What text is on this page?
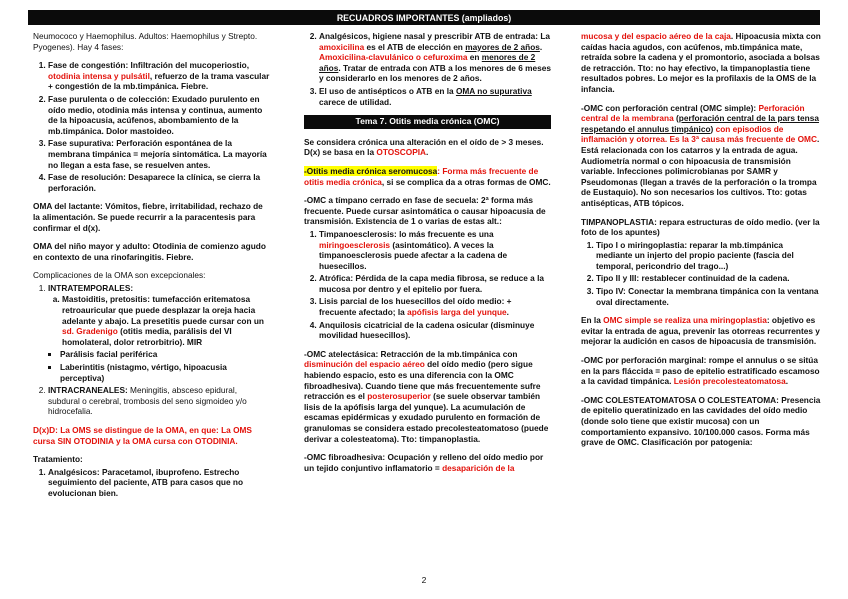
RECUADROS IMPORTANTES (ampliados)

Neumococo y Haemophilus. Adultos: Haemophilus y Strepto. Pyogenes). Hay 4 fases:

1. Fase de congestión: Infiltración del mucoperiostio, otodinia intensa y pulsátil, refuerzo de la trama vascular + congestión de la mb.timpánica. Fiebre.
2. Fase purulenta o de colección: Exudado purulento en oído medio, otodinia más intensa y continua, aumento de la hipoacusia, acúfenos, abombamiento de la mb.timpánica. Dolor mastoideo.
3. Fase supurativa: Perforación espontánea de la membrana timpánica = mejoría sintomática. La mayoría no llegan a esta fase, se resuelven antes.
4. Fase de resolución: Desaparece la clínica, se cierra la perforación.

OMA del lactante: Vómitos, fiebre, irritabilidad, rechazo de la alimentación. Se puede recurrir a la paracentesis para confirmar el d(x).

OMA del niño mayor y adulto: Otodinia de comienzo agudo en contexto de una rinofaringitis. Fiebre.

Complicaciones de la OMA son excepcionales:
1. INTRATEMPORALES:
a. Mastoiditis, pretositis: tumefacción eritematosa retroauricular que puede desplazar la oreja hacia adelante y abajo. La presetitis puede cursar con un sd. Gradenigo (otitis media, parálisis del VI homolateral, dolor retrorbitrio). MIR
▪ Parálisis facial periférica
▪ Laberintitis (nistagmo, vértigo, hipoacusia perceptiva)
2. INTRACRANEALES: Meningitis, absceso epidural, subdural o cerebral, trombosis del seno sigmoideo y/o hidrocefalia.

D(x)D: La OMS se distingue de la OMA, en que: La OMS cursa SIN OTODINIA y la OMA cursa con OTODINIA.

Tratamiento:
1. Analgésicos: Paracetamol, ibuprofeno. Estrecho seguimiento del paciente, ATB para casos que no evolucionan bien.
2. Analgésicos, higiene nasal y prescribir ATB de entrada: La amoxicilina es el ATB de elección en mayores de 2 años. Amoxicilina-clavulánico o cefuroxima en menores de 2 años. Tratar de entrada con ATB a los menores de 6 meses y considerarlo en los menores de 2 años.
3. El uso de antisépticos o ATB en la OMA no supurativa carece de utilidad.
Tema 7. Otitis media crónica (OMC)

Se considera crónica una alteración en el oído de > 3 meses. D(x) se basa en la OTOSCOPIA.

-Otitis media crónica seromucosa: Forma más frecuente de otitis media crónica, si se complica da a otras formas de OMC.

-OMC a tímpano cerrado en fase de secuela: 2ª forma más frecuente. Puede cursar asintomática o causar hipoacusia de transmisión. Existencia de 1 o varias de estas alt.:
1. Timpanoesclerosis: lo más frecuente es una miringoesclerosis (asintomático). A veces la timpanoesclerosis puede afectar a la cadena de huesecillos.
2. Atrófica: Pérdida de la capa media fibrosa, se reduce a la mucosa por dentro y el epitelio por fuera.
3. Lisis parcial de los huesecillos del oído medio: + frecuente afectado; la apófisis larga del yunque.
4. Anquilosis cicatricial de la cadena osicular (disminuye movilidad huesecillos).

-OMC atelectásica: Retracción de la mb.timpánica con disminución del espacio aéreo del oído medio (pero sigue habiendo espacio, esto es una diferencia con la OMC fibroadhesiva). Cuando tiene que más frecuentemente sufre retracción es el posterosuperior (se suele observar también lisis de la apófisis larga del yunque). La acumulación de escamas epidérmicas y exudado purulento en formación de granulomas se considera estado precolesteatomatoso (puede derivar a colesteatoma). Tto: timpanoplastia.

-OMC fibroadhesiva: Ocupación y relleno del oído medio por un tejido conjuntivo inflamatorio = desaparición de la

mucosa y del espacio aéreo de la caja. Hipoacusia mixta con caídas hacia agudos, con acúfenos, mb.timpánica mate, retraída sobre la cadena y el promontorio, asociada a bolsas de retracción. Tto: no hay efectivo, la timpanoplastia tiene resultados pobres. Lo mejor es la profilaxis de la OMS de la infancia.

-OMC con perforación central (OMC simple): Perforación central de la membrana (perforación central de la pars tensa respetando el annulus timpánico) con episodios de inflamación y otorrea. Es la 3ª causa más frecuente de OMC. Está relacionada con los catarros y la entrada de agua. Audiometría normal o con hipoacusia de transmisión variable. Infecciones polimicrobianas por SAMR y Pseudomonas (llegan a través de la perforación o la trompa de Eustaquio). No son necesarios los cultivos. Tto: gotas antisépticas, ATB tópicos.

TIMPANOPLASTIA: repara estructuras de oído medio. (ver la foto de los apuntes)
1. Tipo I o miringoplastia: reparar la mb.timpánica mediante un injerto del propio paciente (fascia del temporal, pericondrio del trago...)
2. Tipo II y III: restablecer continuidad de la cadena.
3. Tipo IV: Conectar la membrana timpánica con la ventana oval directamente.

En la OMC simple se realiza una miringoplastia: objetivo es evitar la entrada de agua, prevenir las otorreas recurrentes y mejorar la audición en casos de hipoacusia de transmisión.

-OMC por perforación marginal: rompe el annulus o se sitúa en la pars fláccida = paso de epitelio estratificado escamoso a la cavidad timpánica. Lesión precolesteatomatosa.

-OMC COLESTEATOMATOSA O COLESTEATOMA: Presencia de epitelio queratinizado en las cavidades del oído medio (donde solo tiene que existir mucosa) con un comportamiento expansivo. 10/100.000 casos. Forma más grave de OMC. Clasificación por patogenia:

2
